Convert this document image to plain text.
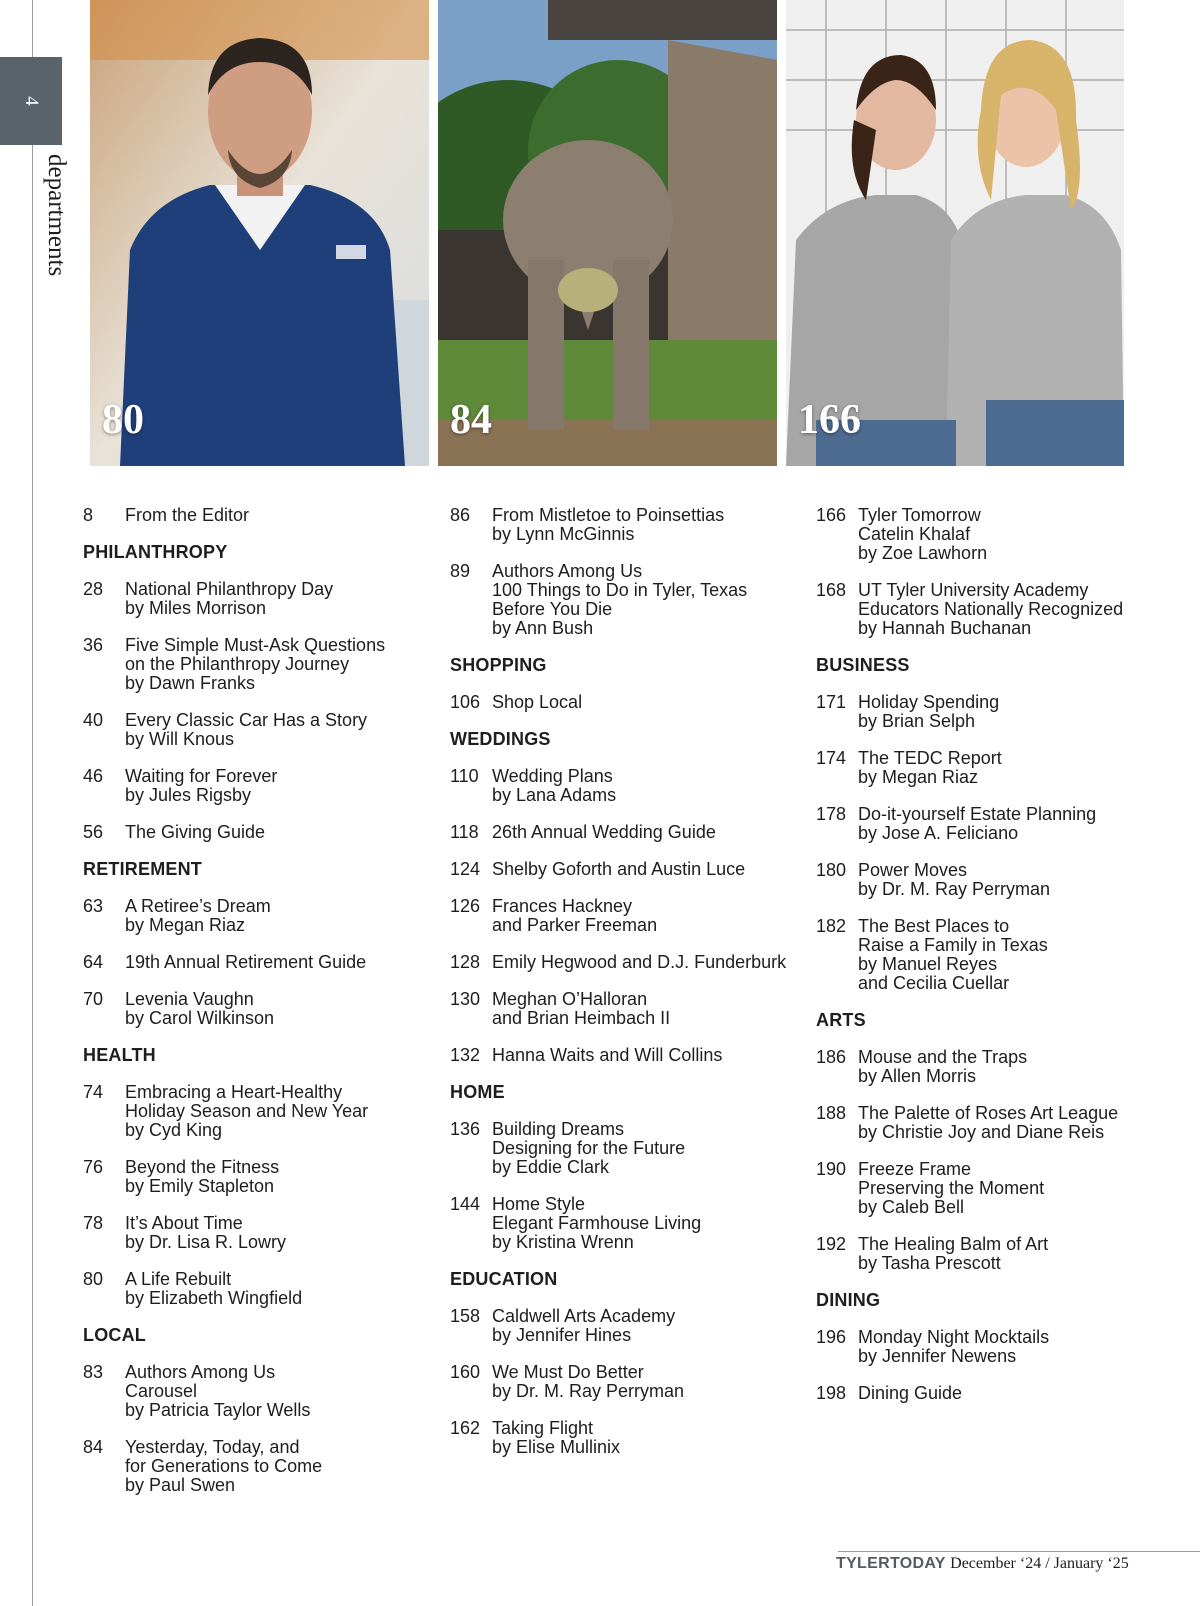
4
departments
80	84	166
8	From the Editor
PHILANTHROPY
28	National Philanthropy Day
by Miles Morrison
36	Five Simple Must-Ask Questions
on the Philanthropy Journey
by Dawn Franks
40	Every Classic Car Has a Story
by Will Knous
46	Waiting for Forever
by Jules Rigsby
56	The Giving Guide
RETIREMENT
63	A Retiree’s Dream
by Megan Riaz
64	19th Annual Retirement Guide
70	Levenia Vaughn
by Carol Wilkinson
HEALTH
74	Embracing a Heart-Healthy
Holiday Season and New Year
by Cyd King
76	Beyond the Fitness
by Emily Stapleton
78	It’s About Time
by Dr. Lisa R. Lowry
80	A Life Rebuilt
by Elizabeth Wingfield
LOCAL
83	Authors Among Us
Carousel
by Patricia Taylor Wells
84	Yesterday, Today, and
for Generations to Come
by Paul Swen
86	From Mistletoe to Poinsettias
by Lynn McGinnis
89	Authors Among Us
100 Things to Do in Tyler, Texas
Before You Die
by Ann Bush
SHOPPING
106 Shop Local
WEDDINGS
110 Wedding Plans
by Lana Adams
118 26th Annual Wedding Guide
124 Shelby Goforth and Austin Luce
126 Frances Hackney
and Parker Freeman
128 Emily Hegwood and D.J. Funderburk
130 Meghan O’Halloran
and Brian Heimbach II
132 Hanna Waits and Will Collins
HOME
136 Building Dreams
Designing for the Future
by Eddie Clark
144 Home Style
Elegant Farmhouse Living
by Kristina Wrenn
EDUCATION
158 Caldwell Arts Academy
by Jennifer Hines
160 We Must Do Better
by Dr. M. Ray Perryman
162 Taking Flight
by Elise Mullinix
166 Tyler Tomorrow
Catelin Khalaf
by Zoe Lawhorn
168 UT Tyler University Academy
Educators Nationally Recognized
by Hannah Buchanan
BUSINESS
171 Holiday Spending
by Brian Selph
174 The TEDC Report
by Megan Riaz
178 Do-it-yourself Estate Planning
by Jose A. Feliciano
180 Power Moves
by Dr. M. Ray Perryman
182 The Best Places to
Raise a Family in Texas
by Manuel Reyes
and Cecilia Cuellar
ARTS
186 Mouse and the Traps
by Allen Morris
188 The Palette of Roses Art League
by Christie Joy and Diane Reis
190 Freeze Frame
Preserving the Moment
by Caleb Bell
192 The Healing Balm of Art
by Tasha Prescott
DINING
196 Monday Night Mocktails
by Jennifer Newens
198 Dining Guide
TYLERTODAY December ‘24 / January ‘25
